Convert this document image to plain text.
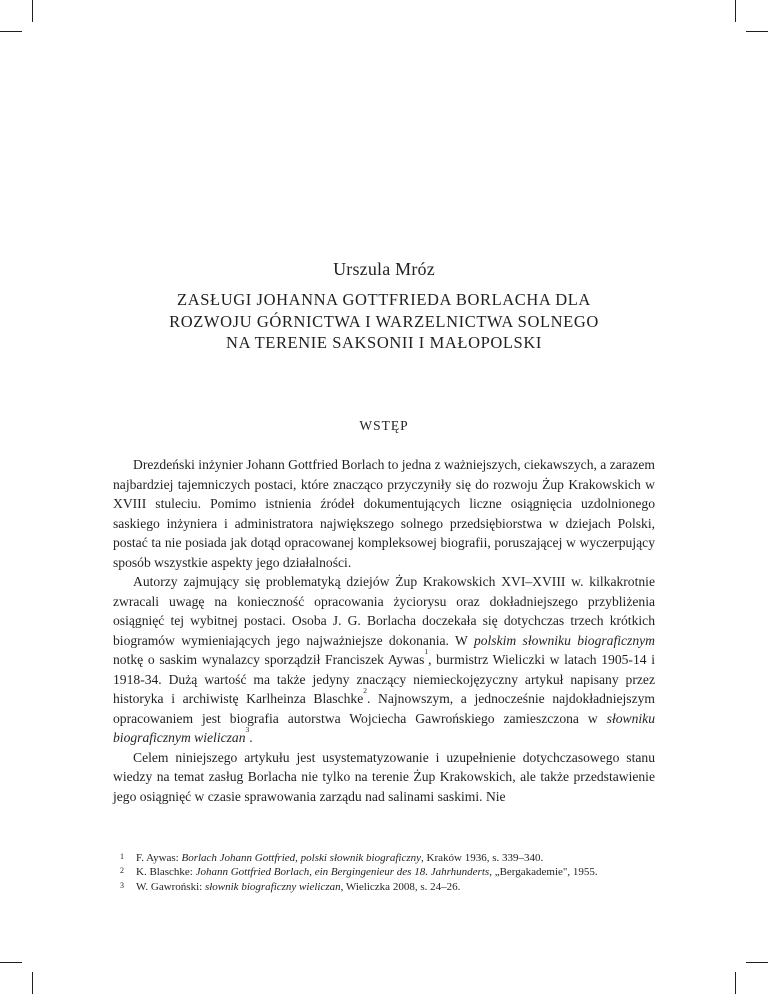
Urszula Mróz
ZASŁUGI JOHANNA GOTTFRIEDA BORLACHA DLA
ROZWOJU GÓRNICTWA I WARZELNICTWA SOLNEGO
NA TERENIE SAKSONII I MAŁOPOLSKI
WSTĘP

Drezdeński inżynier Johann Gottfried Borlach to jedna z ważniejszych, ciekawszych, a zarazem najbardziej tajemniczych postaci, które znacząco przyczyniły się do rozwoju Żup Krakowskich w XVIII stuleciu. Pomimo istnienia źródeł dokumentujących liczne osiągnięcia uzdolnionego saskiego inżyniera i administratora największego solnego przedsiębiorstwa w dziejach Polski, postać ta nie posiada jak dotąd opracowanej kompleksowej biografii, poruszającej w wyczerpujący sposób wszystkie aspekty jego działalności.

Autorzy zajmujący się problematyką dziejów Żup Krakowskich XVI–XVIII w. kilkakrotnie zwracali uwagę na konieczność opracowania życiorysu oraz dokładniejszego przybliżenia osiągnięć tej wybitnej postaci. Osoba J. G. Borlacha doczekała się dotychczas trzech krótkich biogramów wymieniających jego najważniejsze dokonania. W polskim słowniku biograficznym notkę o saskim wynalazcy sporządził Franciszek Aywas$^1$, burmistrz Wieliczki w latach 1905-14 i 1918-34. Dużą wartość ma także jedyny znaczący niemieckojęzyczny artykuł napisany przez historyka i archiwistę Karlheinza Blaschke$^2$. Najnowszym, a jednocześnie najdokładniejszym opracowaniem jest biografia autorstwa Wojciecha Gawrońskiego zamieszczona w słowniku biograficznym wieliczan$^3$.

Celem niniejszego artykułu jest usystematyzowanie i uzupełnienie dotychczasowego stanu wiedzy na temat zasług Borlacha nie tylko na terenie Żup Krakowskich, ale także przedstawienie jego osiągnięć w czasie sprawowania zarządu nad salinami saskimi. Nie

1 F. Aywas: Borlach Johann Gottfried, polski słownik biograficzny, Kraków 1936, s. 339–340.
2 K. Blaschke: Johann Gottfried Borlach, ein Bergingenieur des 18. Jahrhunderts, „Bergakademie", 1955.
3 W. Gawroński: słownik biograficzny wieliczan, Wieliczka 2008, s. 24–26.
